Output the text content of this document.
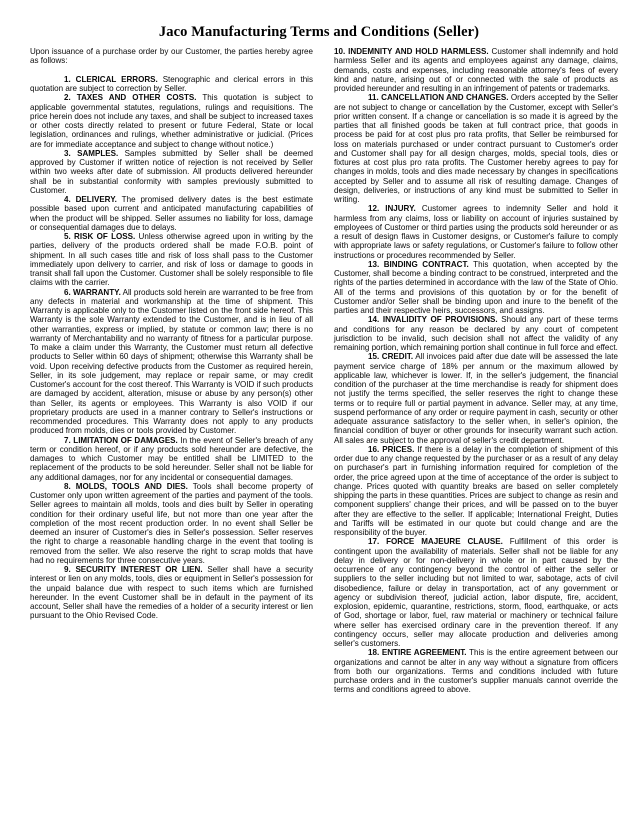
Jaco Manufacturing Terms and Conditions (Seller)

Upon issuance of a purchase order by our Customer, the parties hereby agree as follows:

1. CLERICAL ERRORS. Stenographic and clerical errors in this quotation are subject to correction by Seller.

2. TAXES AND OTHER COSTS. This quotation is subject to applicable governmental statutes, regulations, rulings and requisitions. The price herein does not include any taxes, and shall be subject to increased taxes or other costs directly related to present or future Federal, State or local legislation, ordinances and rulings, whether administrative or judicial. (Prices are for immediate acceptance and subject to change without notice.)

3. SAMPLES. Samples submitted by Seller shall be deemed approved by Customer if written notice of rejection is not received by Seller within two weeks after date of submission. All products delivered hereunder shall be in substantial conformity with samples previously submitted to Customer.

4. DELIVERY. The promised delivery dates is the best estimate possible based upon current and anticipated manufacturing capabilities of when the product will be shipped. Seller assumes no liability for loss, damage or consequential damages due to delays.

5. RISK OF LOSS. Unless otherwise agreed upon in writing by the parties, delivery of the products ordered shall be made F.O.B. point of shipment. In all such cases title and risk of loss shall pass to the Customer immediately upon delivery to carrier, and risk of loss or damage to goods in transit shall fall upon the Customer. Customer shall be solely responsible to file claims with the carrier.

6. WARRANTY. All products sold herein are warranted to be free from any defects in material and workmanship at the time of shipment. This Warranty is applicable only to the Customer listed on the front side hereof. This Warranty is the sole Warranty extended to the Customer, and is in lieu of all other warranties, express or implied, by statute or common law; there is no warranty of Merchantability and no warranty of fitness for a particular purpose. To make a claim under this Warranty, the Customer must return all defective products to Seller within 60 days of shipment; otherwise this Warranty shall be void. Upon receiving defective products from the Customer as required herein, Seller, in its sole judgement, may replace or repair same, or may credit Customer's account for the cost thereof. This Warranty is VOID if such products are damaged by accident, alteration, misuse or abuse by any person(s) other than Seller, its agents or employees. This Warranty is also VOID if our proprietary products are used in a manner contrary to Seller's instructions or recommended procedures. This Warranty does not apply to any products produced from molds, dies or tools provided by Customer.

7. LIMITATION OF DAMAGES. In the event of Seller's breach of any term or condition hereof, or if any products sold hereunder are defective, the damages to which Customer may be entitled shall be LIMITED to the replacement of the products to be sold hereunder. Seller shall not be liable for any additional damages, nor for any incidental or consequential damages.

8. MOLDS, TOOLS AND DIES. Tools shall become property of Customer only upon written agreement of the parties and payment of the tools. Seller agrees to maintain all molds, tools and dies built by Seller in operating condition for their ordinary useful life, but not more than one year after the completion of the most recent production order. In no event shall Seller be deemed an insurer of Customer's dies in Seller's possession. Seller reserves the right to charge a reasonable handling charge in the event that tooling is removed from the seller. We also reserve the right to scrap molds that have had no requirements for three consecutive years.

9. SECURITY INTEREST OR LIEN. Seller shall have a security interest or lien on any molds, tools, dies or equipment in Seller's possession for the unpaid balance due with respect to such items which are furnished hereunder. In the event Customer shall be in default in the payment of its account, Seller shall have the remedies of a holder of a security interest or lien pursuant to the Ohio Revised Code.

10. INDEMNITY AND HOLD HARMLESS. Customer shall indemnify and hold harmless Seller and its agents and employees against any damage, claims, demands, costs and expenses, including reasonable attorney's fees of every kind and nature, arising out of or connected with the sale of products as provided hereunder and resulting in an infringement of patents or trademarks.

11. CANCELLATION AND CHANGES. Orders accepted by the Seller are not subject to change or cancellation by the Customer, except with Seller's prior written consent. If a change or cancellation is so made it is agreed by the parties that all finished goods be taken at full contract price, that goods in process be paid for at cost plus pro rata profits, that Seller be reimbursed for loss on materials purchased or under contract pursuant to Customer's order and Customer shall pay for all design charges, molds, special tools, dies or fixtures at cost plus pro rata profits. The Customer hereby agrees to pay for changes in molds, tools and dies made necessary by changes in specifications accepted by Seller and to assume all risk of resulting damage. Changes of design, deliveries, or instructions of any kind must be submitted to Seller in writing.

12. INJURY. Customer agrees to indemnity Seller and hold it harmless from any claims, loss or liability on account of injuries sustained by employees of Customer or third parties using the products sold hereunder or as a result of design flaws in Customer designs, or Customer's failure to comply with appropriate laws or safety regulations, or Customer's failure to follow other instructions or procedures recommended by Seller.

13. BINDING CONTRACT. This quotation, when accepted by the Customer, shall become a binding contract to be construed, interpreted and the rights of the parties determined in accordance with the law of the State of Ohio. All of the terms and provisions of this quotation by or for the benefit of Customer and/or Seller shall be binding upon and inure to the benefit of the parties and their respective heirs, successors, and assigns.

14. INVALIDITY OF PROVISIONS. Should any part of these terms and conditions for any reason be declared by any court of competent jurisdiction to be invalid, such decision shall not affect the validity of any remaining portion, which remaining portion shall continue in full force and effect.

15. CREDIT. All invoices paid after due date will be assessed the late payment service charge of 18% per annum or the maximum allowed by applicable law, whichever is lower. If, in the seller's judgement, the financial condition of the purchaser at the time merchandise is ready for shipment does not justify the terms specified, the seller reserves the right to change these terms or to require full or partial payment in advance. Seller may, at any time, suspend performance of any order or require payment in cash, security or other adequate assurance satisfactory to the seller when, in seller's opinion, the financial condition of buyer or other grounds for insecurity warrant such action. All sales are subject to the approval of seller's credit department.

16. PRICES. If there is a delay in the completion of shipment of this order due to any change requested by the purchaser or as a result of any delay on purchaser's part in furnishing information required for completion of the order, the price agreed upon at the time of acceptance of the order is subject to change. Prices quoted with quantity breaks are based on seller completely shipping the parts in these quantities. Prices are subject to change as resin and component suppliers' change their prices, and will be passed on to the buyer after they are effective to the seller. If applicable; International Freight, Duties and Tariffs will be estimated in our quote but could change and are the responsibility of the buyer.

17. FORCE MAJEURE CLAUSE. Fulfillment of this order is contingent upon the availability of materials. Seller shall not be liable for any delay in delivery or for non-delivery in whole or in part caused by the occurrence of any contingency beyond the control of either the seller or suppliers to the seller including but not limited to war, sabotage, acts of civil disobedience, failure or delay in transportation, act of any government or agency or subdivision thereof, judicial action, labor dispute, fire, accident, explosion, epidemic, quarantine, restrictions, storm, flood, earthquake, or acts of God, shortage or labor, fuel, raw material or machinery or technical failure where seller has exercised ordinary care in the prevention thereof. If any contingency occurs, seller may allocate production and deliveries among seller's customers.

18. ENTIRE AGREEMENT. This is the entire agreement between our organizations and cannot be alter in any way without a signature from officers from both our organizations. Terms and conditions included with future purchase orders and in the customer's supplier manuals cannot override the terms and conditions agreed to above.
